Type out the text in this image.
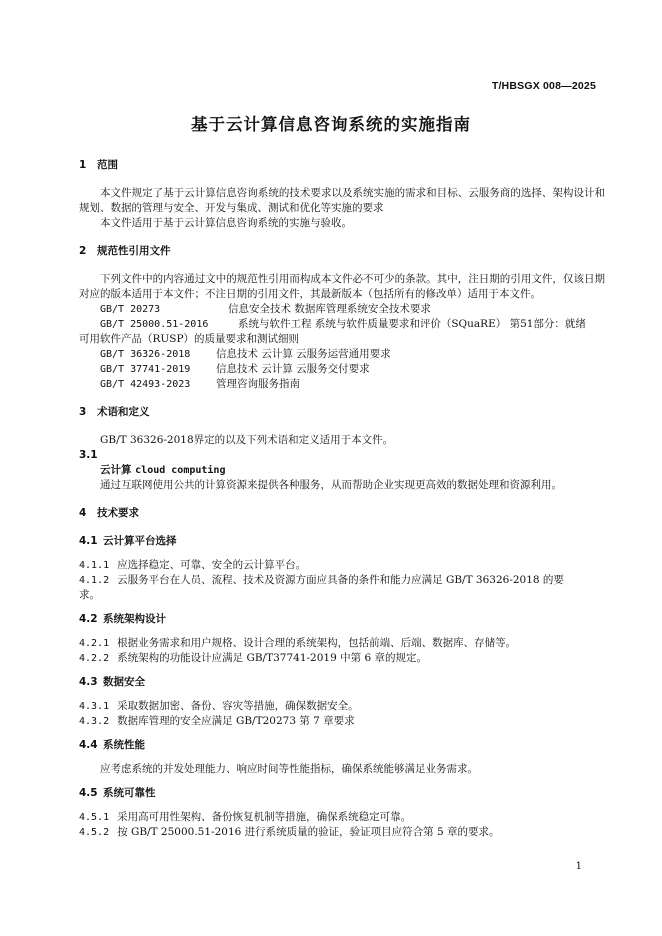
T/HBSGX 008—2025
基于云计算信息咨询系统的实施指南

1 范围

本文件规定了基于云计算信息咨询系统的技术要求以及系统实施的需求和目标、云服务商的选择、架构设计和规划、数据的管理与安全、开发与集成、测试和优化等实施的要求

本文件适用于基于云计算信息咨询系统的实施与验收。

2 规范性引用文件

下列文件中的内容通过文中的规范性引用而构成本文件必不可少的条款。其中，注日期的引用文件，仅该日期对应的版本适用于本文件；不注日期的引用文件，其最新版本（包括所有的修改单）适用于本文件。

GB/T 20273	信息安全技术 数据库管理系统安全技术要求

GB/T 25000.51-2016	系统与软件工程 系统与软件质量要求和评价（SQuaRE） 第51部分：就绪

可用软件产品（RUSP）的质量要求和测试细则

GB/T 36326-2018 信息技术 云计算 云服务运营通用要求

GB/T 37741-2019 信息技术 云计算 云服务交付要求

GB/T 42493-2023 管理咨询服务指南

3 术语和定义

GB/T 36326-2018界定的以及下列术语和定义适用于本文件。

3.1

云计算 cloud computing

通过互联网使用公共的计算资源来提供各种服务，从而帮助企业实现更高效的数据处理和资源利用。

4 技术要求

4.1 云计算平台选择

4.1.1 应选择稳定、可靠、安全的云计算平台。

4.1.2 云服务平台在人员、流程、技术及资源方面应具备的条件和能力应满足 GB/T 36326-2018 的要

求。

4.2 系统架构设计

4.2.1 根据业务需求和用户规格、设计合理的系统架构，包括前端、后端、数据库、存储等。

4.2.2 系统架构的功能设计应满足 GB/T37741-2019 中第 6 章的规定。

4.3 数据安全

4.3.1 采取数据加密、备份、容灾等措施，确保数据安全。

4.3.2 数据库管理的安全应满足 GB/T20273 第 7 章要求

4.4 系统性能

应考虑系统的并发处理能力、响应时间等性能指标，确保系统能够满足业务需求。

4.5 系统可靠性

4.5.1 采用高可用性架构、备份恢复机制等措施，确保系统稳定可靠。

4.5.2 按 GB/T 25000.51-2016 进行系统质量的验证，验证项目应符合第 5 章的要求。

1
